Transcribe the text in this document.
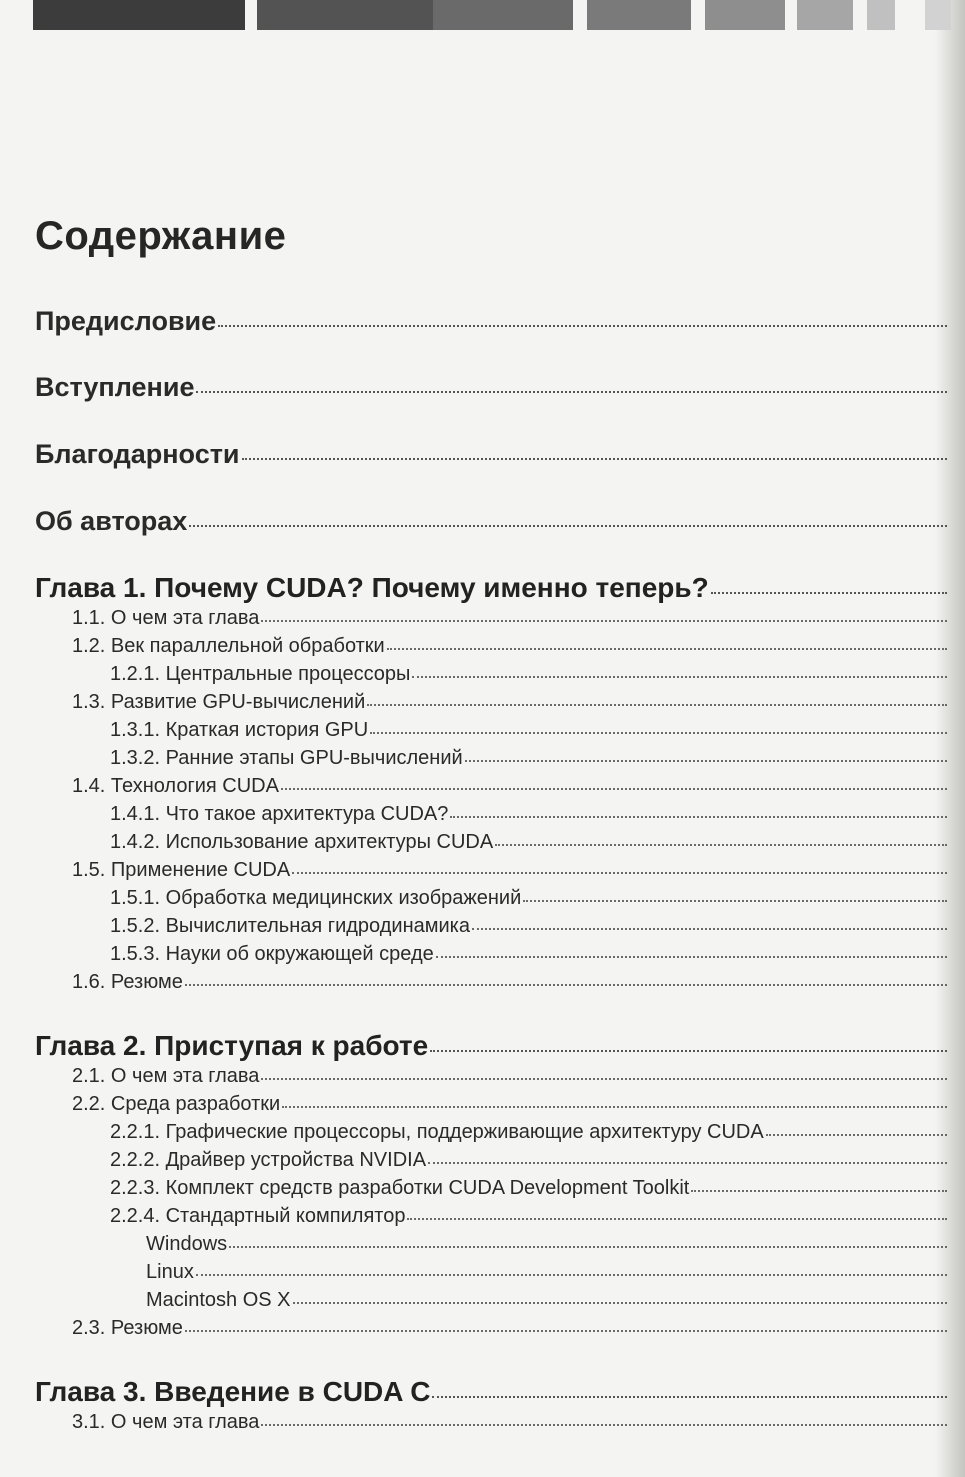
Содержание
Предисловие
Вступление
Благодарности
Об авторах
Глава 1. Почему CUDA? Почему именно теперь?
1.1. О чем эта глава
1.2. Век параллельной обработки
1.2.1. Центральные процессоры
1.3. Развитие GPU-вычислений
1.3.1. Краткая история GPU
1.3.2. Ранние этапы GPU-вычислений
1.4. Технология CUDA
1.4.1. Что такое архитектура CUDA?
1.4.2. Использование архитектуры CUDA
1.5. Применение CUDA
1.5.1. Обработка медицинских изображений
1.5.2. Вычислительная гидродинамика
1.5.3. Науки об окружающей среде
1.6. Резюме
Глава 2. Приступая к работе
2.1. О чем эта глава
2.2. Среда разработки
2.2.1. Графические процессоры, поддерживающие архитектуру CUDA
2.2.2. Драйвер устройства NVIDIA
2.2.3. Комплект средств разработки CUDA Development Toolkit
2.2.4. Стандартный компилятор
Windows
Linux
Macintosh OS X
2.3. Резюме
Глава 3. Введение в CUDA C
3.1. О чем эта глава
